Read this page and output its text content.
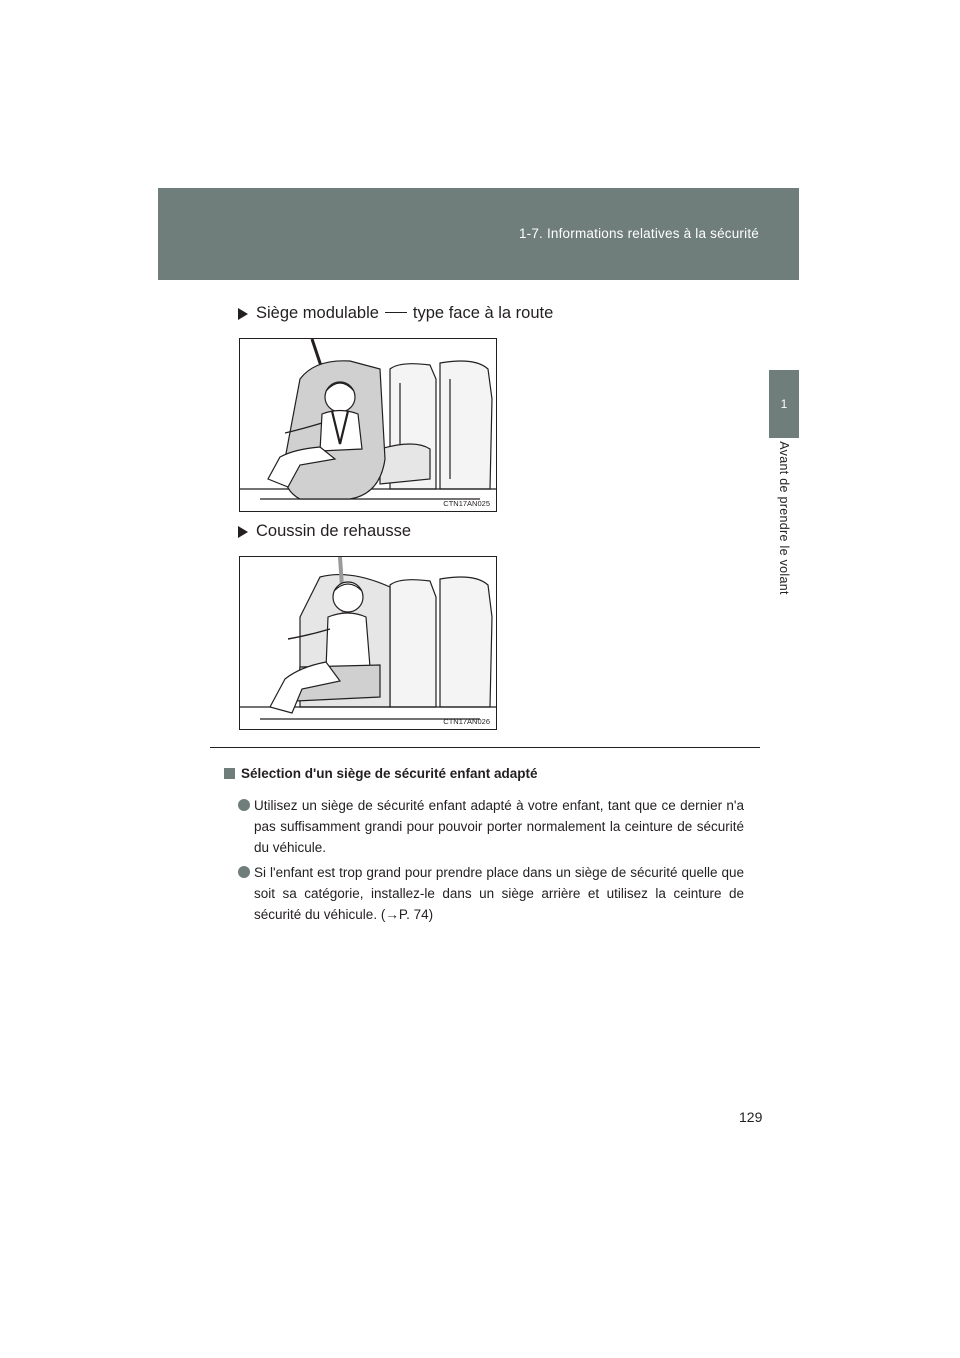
1-7. Informations relatives à la sécurité
1
Avant de prendre le volant
Siège modulable type face à la route
CTN17AN025
Coussin de rehausse
CTN17AN026
Sélection d'un siège de sécurité enfant adapté
Utilisez un siège de sécurité enfant adapté à votre enfant, tant que ce dernier n'a pas suffisamment grandi pour pouvoir porter normalement la ceinture de sécurité du véhicule.
Si l'enfant est trop grand pour prendre place dans un siège de sécurité quelle que soit sa catégorie, installez-le dans un siège arrière et utilisez la ceinture de sécurité du véhicule. (→P. 74)
129
